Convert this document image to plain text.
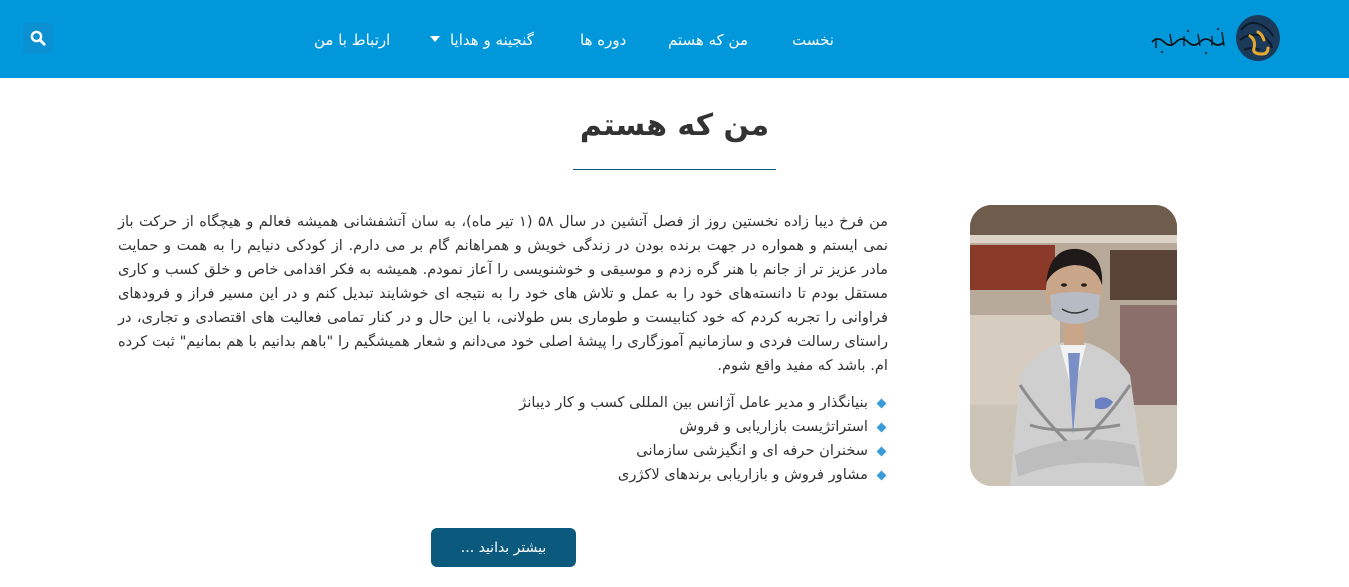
نخست
من که هستم
دوره ها
گنجینه و هدایا
ارتباط با من
من که هستم

من فرخ دیبا زاده نخستین روز از فصل آتشین در سال ۵۸ (۱ تیر ماه)، به سان آتشفشانی همیشه فعالم و هیچگاه از حرکت باز نمی ایستم و همواره در جهت برنده بودن در زندگی خویش و همراهانم گام بر می دارم. از کودکی دنیایم را به همت و حمایت مادر عزیز تر از جانم با هنر گره زدم و موسیقی و خوشنویسی را آعاز نمودم. همیشه به فکر اقدامی خاص و خلق کسب و کاری مستقل بودم تا دانسته‌های خود را به عمل و تلاش های خود را به نتیجه ای خوشایند تبدیل کنم و در این مسیر فراز و فرودهای فراوانی را تجربه کردم که خود کتابیست و طوماری بس طولانی، با این حال و در کنار تمامی فعالیت های اقتصادی و تجاری، در راستای رسالت فردی و سازمانیم آموزگاری را پیشهٔ اصلی خود می‌دانم و شعار همیشگیم را "باهم بدانیم با هم بمانیم" ثبت کرده ام. باشد که مفید واقع شوم.

بنیانگذار و مدیر عامل آژانس بین المللی کسب و کار دیبانژ
استراتژیست بازاریابی و فروش
سخنران حرفه ای و انگیزشی سازمانی
مشاور فروش و بازاریابی برندهای لاکژری
بیشتر بدانید ...
